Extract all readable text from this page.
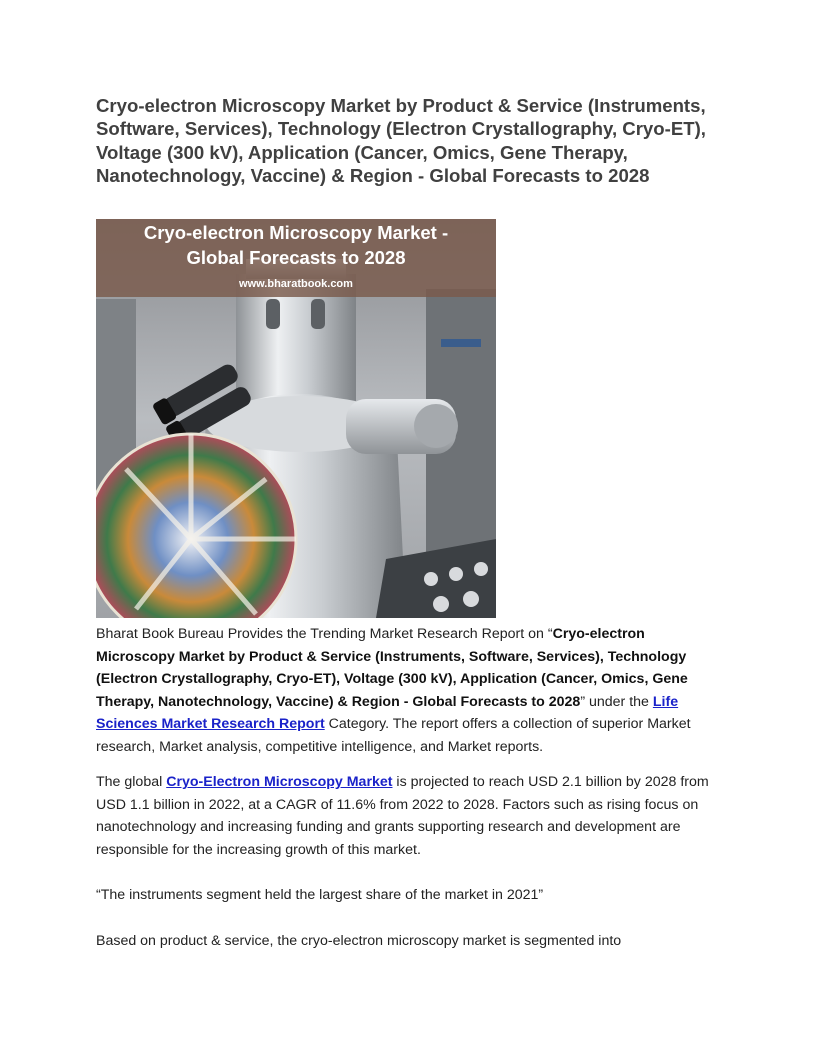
Cryo-electron Microscopy Market by Product & Service (Instruments, Software, Services), Technology (Electron Crystallography, Cryo-ET), Voltage (300 kV), Application (Cancer, Omics, Gene Therapy, Nanotechnology, Vaccine) & Region - Global Forecasts to 2028
Cryo-electron Microscopy Market -
Global Forecasts to 2028
www.bharatbook.com

Bharat Book Bureau Provides the Trending Market Research Report on “Cryo-electron Microscopy Market by Product & Service (Instruments, Software, Services), Technology (Electron Crystallography, Cryo-ET), Voltage (300 kV), Application (Cancer, Omics, Gene Therapy, Nanotechnology, Vaccine) & Region - Global Forecasts to 2028” under the Life Sciences Market Research Report Category. The report offers a collection of superior Market research, Market analysis, competitive intelligence, and Market reports.

The global Cryo-Electron Microscopy Market is projected to reach USD 2.1 billion by 2028 from USD 1.1 billion in 2022, at a CAGR of 11.6% from 2022 to 2028. Factors such as rising focus on nanotechnology and increasing funding and grants supporting research and development are responsible for the increasing growth of this market.

“The instruments segment held the largest share of the market in 2021”

Based on product & service, the cryo-electron microscopy market is segmented into
